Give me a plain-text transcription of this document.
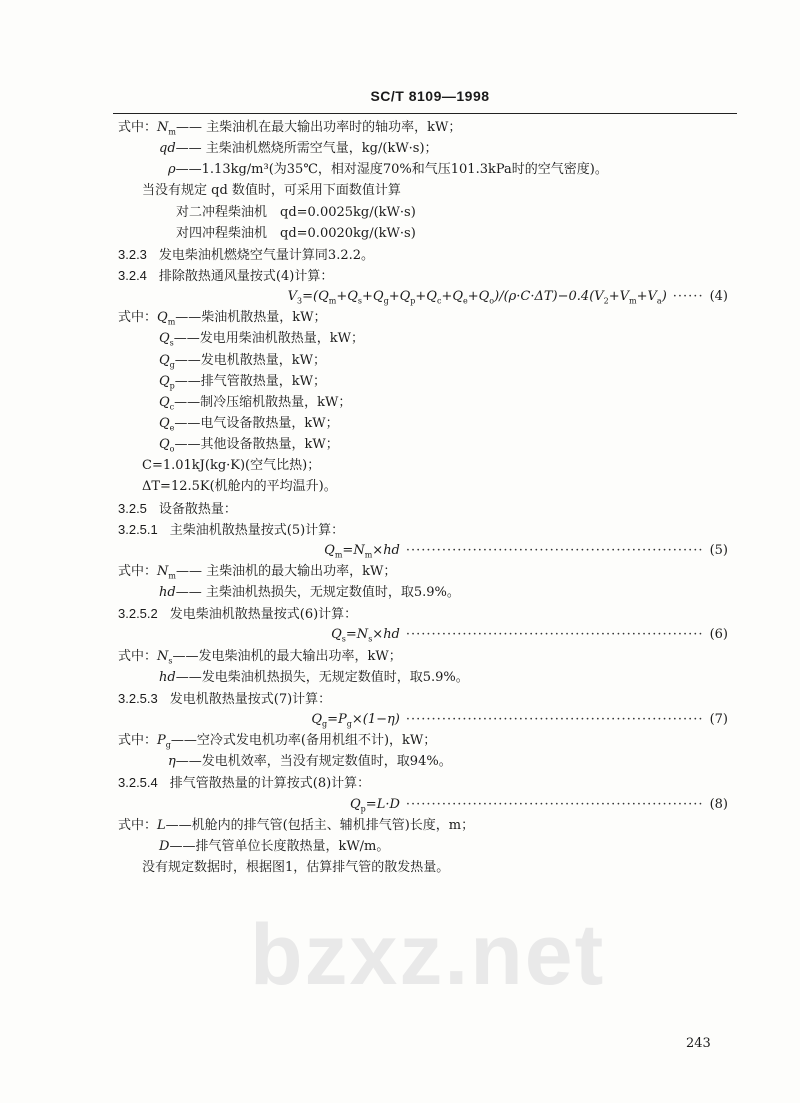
SC/T 8109—1998
式中：$N_m——$ 主柴油机在最大输出功率时的轴功率，kW；
qd—— 主柴油机燃烧所需空气量，kg/(kW·s)；
ρ——1.13kg/m³(为35℃，相对湿度70%和气压101.3kPa时的空气密度)。
当没有规定 qd 数值时，可采用下面数值计算
对二冲程柴油机　qd=0.0025kg/(kW·s)
对四冲程柴油机　qd=0.0020kg/(kW·s)
3.2.3 发电柴油机燃烧空气量计算同3.2.2。
3.2.4 排除散热通风量按式(4)计算：
$V_3=(Q_m+Q_s+Q_g+Q_p+Q_c+Q_e+Q_o)/(\rho\cdot C\cdot\Delta T)-0.4(V_2+V_m+V_a)$ ······ (4)
式中：$Q_m——$柴油机散热量，kW；
$Q_s——$发电用柴油机散热量，kW；
$Q_g——$发电机散热量，kW；
$Q_p——$排气管散热量，kW；
$Q_c——$制冷压缩机散热量，kW；
$Q_e——$电气设备散热量，kW；
$Q_o——$其他设备散热量，kW；
C=1.01kJ(kg·K)(空气比热)；
ΔT=12.5K(机舱内的平均温升)。
3.2.5 设备散热量：
3.2.5.1 主柴油机散热量按式(5)计算：
$Q_m=N_m\times hd$ ·························································· (5)
式中：$N_m——$ 主柴油机的最大输出功率，kW；
hd—— 主柴油机热损失，无规定数值时，取5.9%。
3.2.5.2 发电柴油机散热量按式(6)计算：
$Q_s=N_s\times hd$ ·························································· (6)
式中：$N_s——$发电柴油机的最大输出功率，kW；
hd——发电柴油机热损失，无规定数值时，取5.9%。
3.2.5.3 发电机散热量按式(7)计算：
$Q_g=P_g\times(1-\eta)$ ·························································· (7)
式中：$P_g——$空冷式发电机功率(备用机组不计)，kW；
η——发电机效率，当没有规定数值时，取94%。
3.2.5.4 排气管散热量的计算按式(8)计算：
$Q_p=L\cdot D$ ·························································· (8)
式中：L——机舱内的排气管(包括主、辅机排气管)长度，m；
D——排气管单位长度散热量，kW/m。
没有规定数据时，根据图1，估算排气管的散发热量。
bzxz.net
243
